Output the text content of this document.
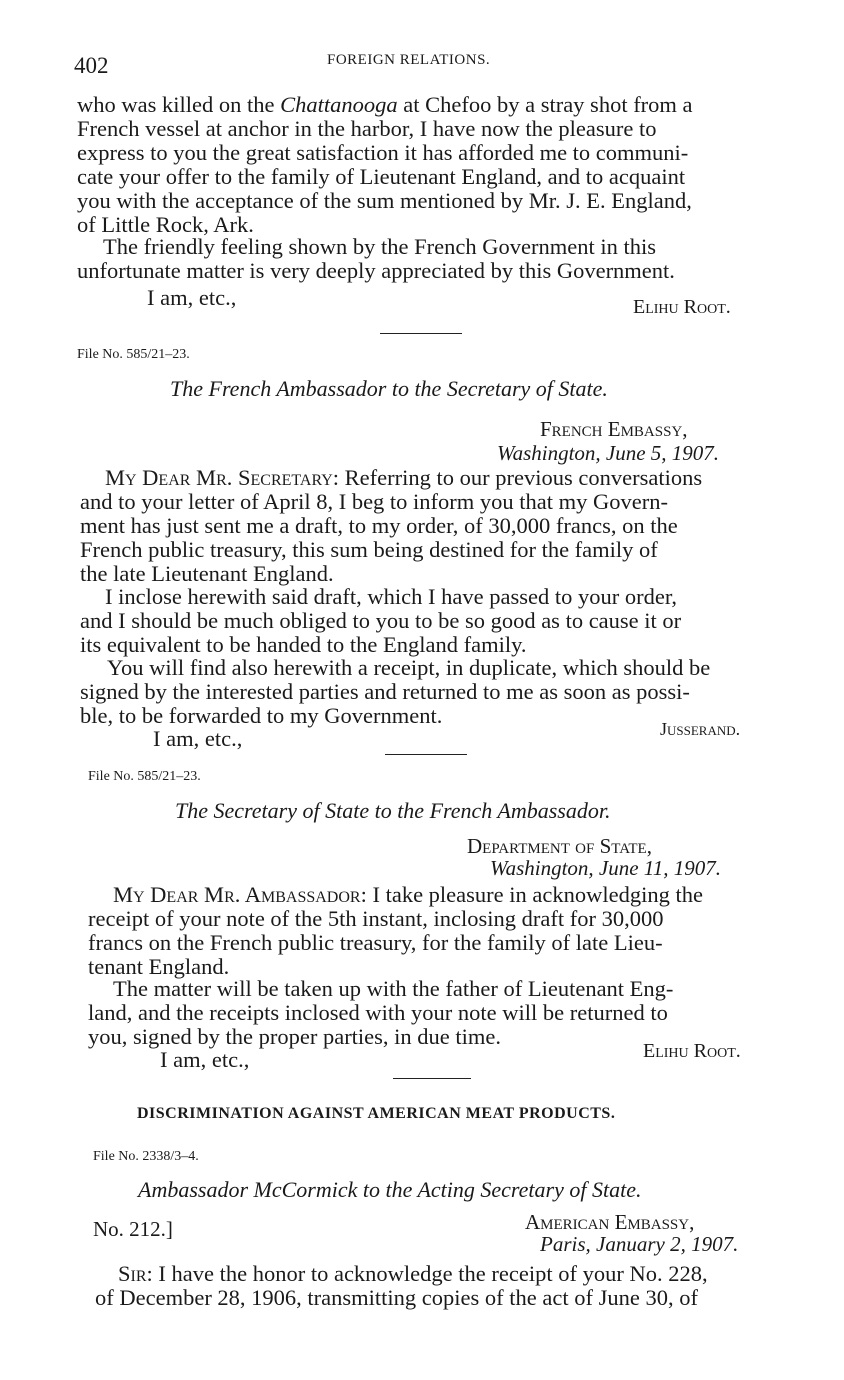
402	FOREIGN RELATIONS.
who was killed on the Chattanooga at Chefoo by a stray shot from a
French vessel at anchor in the harbor, I have now the pleasure to
express to you the great satisfaction it has afforded me to communi-
cate your offer to the family of Lieutenant England, and to acquaint
you with the acceptance of the sum mentioned by Mr. J. E. England,
of Little Rock, Ark.
The friendly feeling shown by the French Government in this
unfortunate matter is very deeply appreciated by this Government.
I am, etc.,	Elihu Root.
File No. 585/21–23.
The French Ambassador to the Secretary of State.
French Embassy,
Washington, June 5, 1907.
My Dear Mr. Secretary: Referring to our previous conversations
and to your letter of April 8, I beg to inform you that my Govern-
ment has just sent me a draft, to my order, of 30,000 francs, on the
French public treasury, this sum being destined for the family of
the late Lieutenant England.
I inclose herewith said draft, which I have passed to your order,
and I should be much obliged to you to be so good as to cause it or
its equivalent to be handed to the England family.
You will find also herewith a receipt, in duplicate, which should be
signed by the interested parties and returned to me as soon as possi-
ble, to be forwarded to my Government.
I am, etc.,	Jusserand.
File No. 585/21–23.
The Secretary of State to the French Ambassador.
Department of State,
Washington, June 11, 1907.
My Dear Mr. Ambassador: I take pleasure in acknowledging the
receipt of your note of the 5th instant, inclosing draft for 30,000
francs on the French public treasury, for the family of late Lieu-
tenant England.
The matter will be taken up with the father of Lieutenant Eng-
land, and the receipts inclosed with your note will be returned to
you, signed by the proper parties, in due time.
I am, etc.,	Elihu Root.
DISCRIMINATION AGAINST AMERICAN MEAT PRODUCTS.
File No. 2338/3–4.
Ambassador McCormick to the Acting Secretary of State.
No. 212.]	American Embassy,
Paris, January 2, 1907.
Sir: I have the honor to acknowledge the receipt of your No. 228,
of December 28, 1906, transmitting copies of the act of June 30, of
